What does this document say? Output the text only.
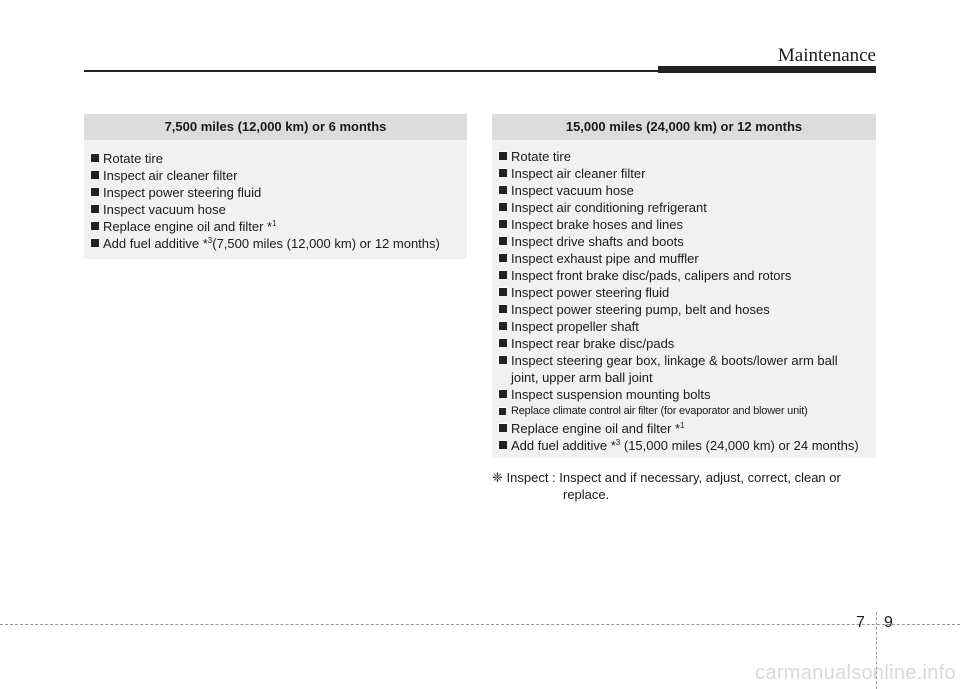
Maintenance
7,500 miles (12,000 km) or 6 months
Rotate tire
Inspect air cleaner filter
Inspect power steering fluid
Inspect vacuum hose
Replace engine oil and filter *$^1$
Add fuel additive *$^3$(7,500 miles (12,000 km) or 12 months)
15,000 miles (24,000 km) or 12 months
Rotate tire
Inspect air cleaner filter
Inspect vacuum hose
Inspect air conditioning refrigerant
Inspect brake hoses and lines
Inspect drive shafts and boots
Inspect exhaust pipe and muffler
Inspect front brake disc/pads, calipers and rotors
Inspect power steering fluid
Inspect power steering pump, belt and hoses
Inspect propeller shaft
Inspect rear brake disc/pads
Inspect steering gear box, linkage & boots/lower arm ball joint, upper arm ball joint
Inspect suspension mounting bolts
Replace climate control air filter (for evaporator and blower unit)
Replace engine oil and filter *$^1$
Add fuel additive *$^3$ (15,000 miles (24,000 km) or 24 months)
❈ Inspect : Inspect and if necessary, adjust, correct, clean or
replace.
7 9
carmanualsonline.info
